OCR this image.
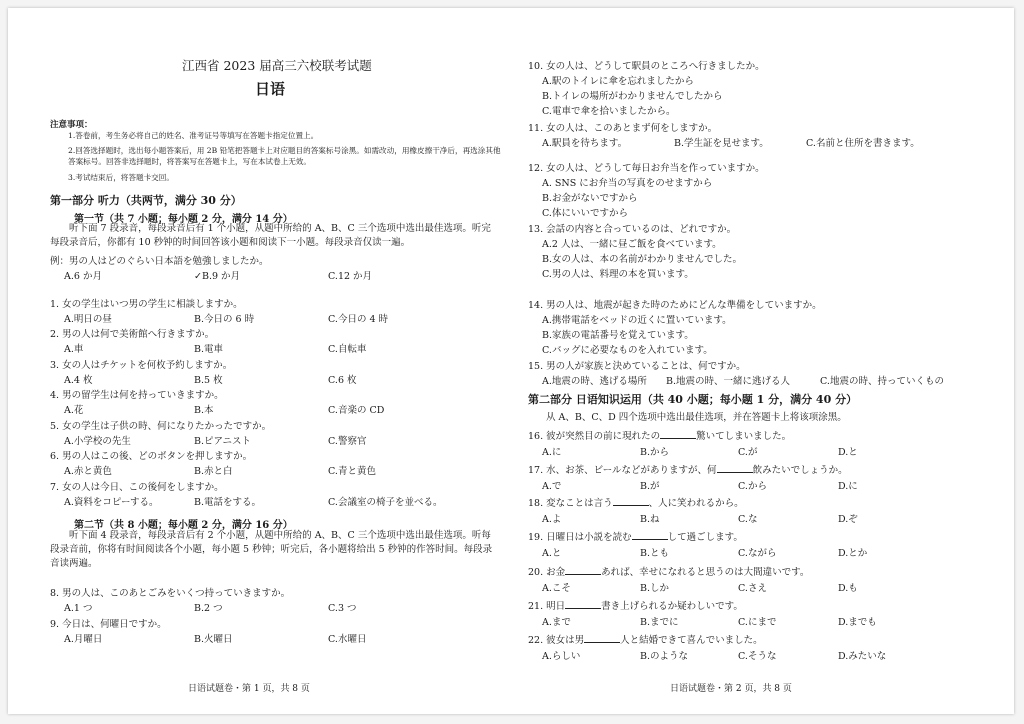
江西省 2023 届高三六校联考试题
日语
注意事项：
1.答卷前，考生务必将自己的姓名、准考证号等填写在答题卡指定位置上。
2.回答选择题时，选出每小题答案后，用 2B 铅笔把答题卡上对应题目的答案标号涂黑。如需改动，用橡皮擦干净后，再选涂其他答案标号。回答非选择题时，将答案写在答题卡上，写在本试卷上无效。
3.考试结束后，将答题卡交回。
第一部分 听力（共两节，满分 30 分）
第一节（共 7 小题；每小题 2 分，满分 14 分）
听下面 7 段录音，每段录音后有 1 个小题，从题中所给的 A、B、C 三个选项中选出最佳选项。听完每段录音后，你都有 10 秒钟的时间回答该小题和阅读下一小题。每段录音仅读一遍。
例：男の人はどのぐらい日本語を勉強しましたか。
A.6 か月	✓B.9 か月	C.12 か月
1. 女の学生はいつ男の学生に相談しますか。
A.明日の昼	B.今日の 6 時	C.今日の 4 時
2. 男の人は何で美術館へ行きますか。
A.車	B.電車	C.自転車
3. 女の人はチケットを何枚予約しますか。
A.4 枚	B.5 枚	C.6 枚
4. 男の留学生は何を持っていきますか。
A.花	B.本	C.音楽の CD
5. 女の学生は子供の時、何になりたかったですか。
A.小学校の先生	B.ピアニスト	C.警察官
6. 男の人はこの後、どのボタンを押しますか。
A.赤と黄色	B.赤と白	C.青と黄色
7. 女の人は今日、この後何をしますか。
A.資料をコピーする。	B.電話をする。	C.会議室の椅子を並べる。
第二节（共 8 小题；每小题 2 分，满分 16 分）
听下面 4 段录音，每段录音后有 2 个小题，从题中所给的 A、B、C 三个选项中选出最佳选项。听每段录音前，你将有时间阅读各个小题，每小题 5 秒钟；听完后，各小题将给出 5 秒钟的作答时间。每段录音读两遍。
8. 男の人は、このあとごみをいくつ持っていきますか。
A.1 つ	B.2 つ	C.3 つ
9. 今日は、何曜日ですか。
A.月曜日	B.火曜日	C.水曜日
日语试题卷・第 1 页，共 8 页
10. 女の人は、どうして駅員のところへ行きましたか。
A.駅のトイレに傘を忘れましたから
B.トイレの場所がわかりませんでしたから
C.電車で傘を拾いましたから。
12. 女の人は、どうして毎日お弁当を作っていますか。
A. SNS にお弁当の写真をのせますから
B.お金がないですから
C.体にいいですから
13. 会話の内容と合っているのは、どれですか。
A.2 人は、一緒に昼ご飯を食べています。
B.女の人は、本の名前がわかりませんでした。
C.男の人は、料理の本を買います。
14. 男の人は、地震が起きた時のためにどんな準備をしていますか。
A.携帯電話をベッドの近くに置いています。
B.家族の電話番号を覚えています。
C.バッグに必要なものを入れています。
11. 女の人は、このあとまず何をしますか。
A.駅員を待ちます。	B.学生証を見せます。	C.名前と住所を書きます。
15. 男の人が家族と決めていることは、何ですか。
A.地震の時、逃げる場所 B.地震の時、一緒に逃げる人	C.地震の時、持っていくもの
第二部分 日语知识运用（共 40 小题；每小题 1 分，满分 40 分）
从 A、B、C、D 四个选项中选出最佳选项，并在答题卡上将该项涂黑。
16. 彼が突然目の前に現れたの	驚いてしまいました。
A.に	B.から	C.が	D.と
17. 水、お茶、ビールなどがありますが、何	飲みたいでしょうか。
A.で	B.が	C.から	D.に
18. 変なことは言う	、人に笑われるから。
A.よ	B.ね	C.な	D.ぞ
19. 日曜日は小説を読む	して過ごします。
A.と	B.とも	C.ながら	D.とか
20. お金	あれば、幸せになれると思うのは大間違いです。
A.こそ	B.しか	C.さえ	D.も
21. 明日	書き上げられるか疑わしいです。
A.まで	B.までに	C.にまで	D.までも
22. 彼女は男	人と結婚できて喜んでいました。
A.らしい	B.のような	C.そうな	D.みたいな
日语试题卷・第 2 页，共 8 页
